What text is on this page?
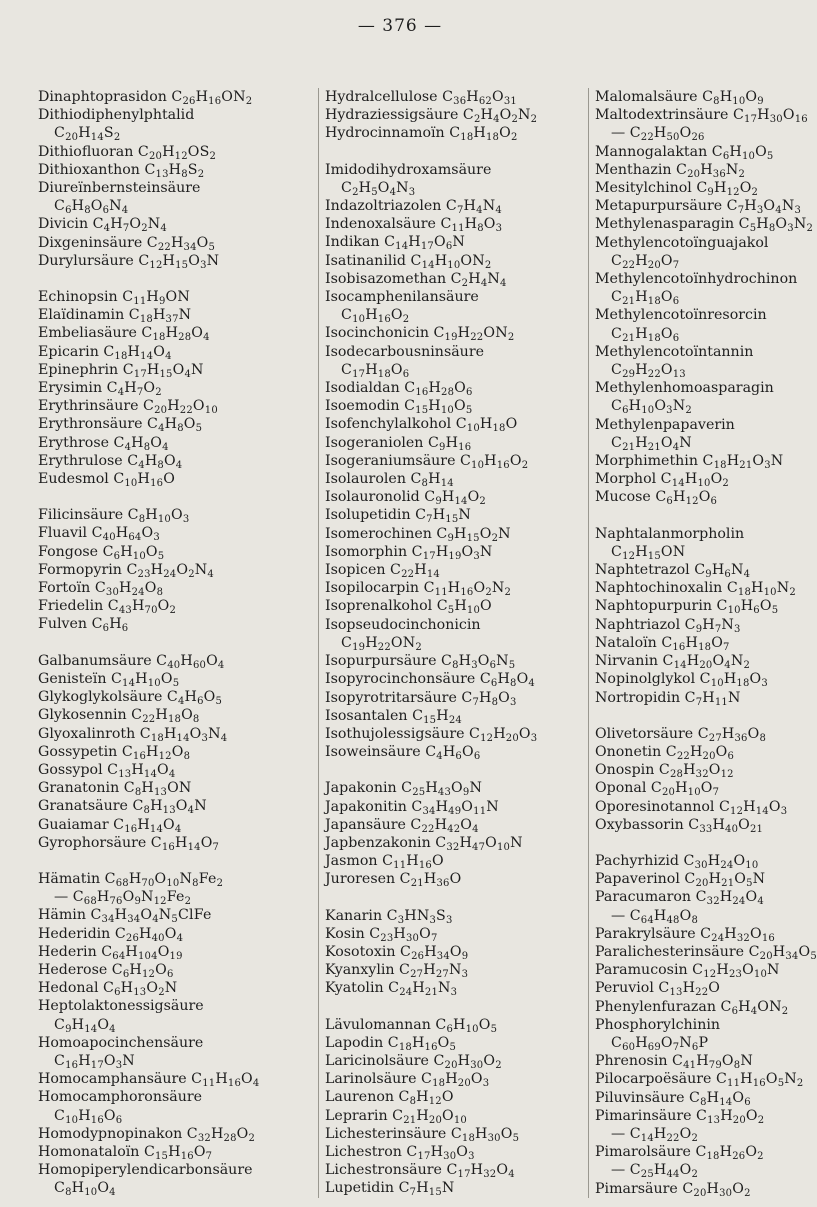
— 376 —
Dinaphtoprasidon $C_{26}H_{16}ON_2$
Dithiodiphenylphtalid
$C_{20}H_{14}S_2$
Dithiofluoran $C_{20}H_{12}OS_2$
Dithioxanthon $C_{13}H_8S_2$
Diureïnbernsteinsäure
$C_6H_8O_6N_4$
Divicin $C_4H_7O_2N_4$
Dixgeninsäure $C_{22}H_{34}O_5$
Durylursäure $C_{12}H_{15}O_3N$
Echinopsin $C_{11}H_9ON$
Elaïdinamin $C_{18}H_{37}N$
Embeliasäure $C_{18}H_{28}O_4$
Epicarin $C_{18}H_{14}O_4$
Epinephrin $C_{17}H_{15}O_4N$
Erysimin $C_4H_7O_2$
Erythrinsäure $C_{20}H_{22}O_{10}$
Erythronsäure $C_4H_8O_5$
Erythrose $C_4H_8O_4$
Erythrulose $C_4H_8O_4$
Eudesmol $C_{10}H_{16}O$
Filicinsäure $C_8H_{10}O_3$
Fluavil $C_{40}H_{64}O_3$
Fongose $C_6H_{10}O_5$
Formopyrin $C_{23}H_{24}O_2N_4$
Fortoïn $C_{30}H_{24}O_8$
Friedelin $C_{43}H_{70}O_2$
Fulven $C_6H_6$
Galbanumsäure $C_{40}H_{60}O_4$
Genisteïn $C_{14}H_{10}O_5$
Glykoglykolsäure $C_4H_6O_5$
Glykosennin $C_{22}H_{18}O_8$
Glyoxalinroth $C_{18}H_{14}O_3N_4$
Gossypetin $C_{16}H_{12}O_8$
Gossypol $C_{13}H_{14}O_4$
Granatonin $C_8H_{13}ON$
Granatsäure $C_8H_{13}O_4N$
Guaiamar $C_{16}H_{14}O_4$
Gyrophorsäure $C_{16}H_{14}O_7$
Hämatin $C_{68}H_{70}O_{10}N_8Fe_2$
— $C_{68}H_{76}O_9N_{12}Fe_2$
Hämin $C_{34}H_{34}O_4N_5ClFe$
Hederidin $C_{26}H_{40}O_4$
Hederin $C_{64}H_{104}O_{19}$
Hederose $C_6H_{12}O_6$
Hedonal $C_6H_{13}O_2N$
Heptolaktonessigsäure
$C_9H_{14}O_4$
Homoapocinchensäure
$C_{16}H_{17}O_3N$
Homocamphansäure $C_{11}H_{16}O_4$
Homocamphoronsäure
$C_{10}H_{16}O_6$
Homodypnopinakon $C_{32}H_{28}O_2$
Homonataloïn $C_{15}H_{16}O_7$
Homopiperylendicarbonsäure
$C_8H_{10}O_4$
Hydralcellulose $C_{36}H_{62}O_{31}$
Hydraziessigsäure $C_2H_4O_2N_2$
Hydrocinnamoïn $C_{18}H_{18}O_2$
Imidodihydroxamsäure
$C_2H_5O_4N_3$
Indazoltriazolen $C_7H_4N_4$
Indenoxalsäure $C_{11}H_8O_3$
Indikan $C_{14}H_{17}O_6N$
Isatinanilid $C_{14}H_{10}ON_2$
Isobisazomethan $C_2H_4N_4$
Isocamphenilansäure
$C_{10}H_{16}O_2$
Isocinchonicin $C_{19}H_{22}ON_2$
Isodecarbousninsäure
$C_{17}H_{18}O_6$
Isodialdan $C_{16}H_{28}O_6$
Isoemodin $C_{15}H_{10}O_5$
Isofenchylalkohol $C_{10}H_{18}O$
Isogeraniolen $C_9H_{16}$
Isogeraniumsäure $C_{10}H_{16}O_2$
Isolaurolen $C_8H_{14}$
Isolauronolid $C_9H_{14}O_2$
Isolupetidin $C_7H_{15}N$
Isomerochinen $C_9H_{15}O_2N$
Isomorphin $C_{17}H_{19}O_3N$
Isopicen $C_{22}H_{14}$
Isopilocarpin $C_{11}H_{16}O_2N_2$
Isoprenalkohol $C_5H_{10}O$
Isopseudocinchonicin
$C_{19}H_{22}ON_2$
Isopurpursäure $C_8H_3O_6N_5$
Isopyrocinchonsäure $C_6H_8O_4$
Isopyrotritarsäure $C_7H_8O_3$
Isosantalen $C_{15}H_{24}$
Isothujolessigsäure $C_{12}H_{20}O_3$
Isoweinsäure $C_4H_6O_6$
Japakonin $C_{25}H_{43}O_9N$
Japakonitin $C_{34}H_{49}O_{11}N$
Japansäure $C_{22}H_{42}O_4$
Japbenzakonin $C_{32}H_{47}O_{10}N$
Jasmon $C_{11}H_{16}O$
Juroresen $C_{21}H_{36}O$
Kanarin $C_3HN_3S_3$
Kosin $C_{23}H_{30}O_7$
Kosotoxin $C_{26}H_{34}O_9$
Kyanxylin $C_{27}H_{27}N_3$
Kyatolin $C_{24}H_{21}N_3$
Lävulomannan $C_6H_{10}O_5$
Lapodin $C_{18}H_{16}O_5$
Laricinolsäure $C_{20}H_{30}O_2$
Larinolsäure $C_{18}H_{20}O_3$
Laurenon $C_8H_{12}O$
Leprarin $C_{21}H_{20}O_{10}$
Lichesterinsäure $C_{18}H_{30}O_5$
Lichestron $C_{17}H_{30}O_3$
Lichestronsäure $C_{17}H_{32}O_4$
Lupetidin $C_7H_{15}N$
Malomalsäure $C_8H_{10}O_9$
Maltodextrinsäure $C_{17}H_{30}O_{16}$
— $C_{22}H_{50}O_{26}$
Mannogalaktan $C_6H_{10}O_5$
Menthazin $C_{20}H_{36}N_2$
Mesitylchinol $C_9H_{12}O_2$
Metapurpursäure $C_7H_3O_4N_3$
Methylenasparagin $C_5H_8O_3N_2$
Methylencotoïnguajakol
$C_{22}H_{20}O_7$
Methylencotoïnhydrochinon
$C_{21}H_{18}O_6$
Methylencotoïnresorcin
$C_{21}H_{18}O_6$
Methylencotoïntannin
$C_{29}H_{22}O_{13}$
Methylenhomoasparagin
$C_6H_{10}O_3N_2$
Methylenpapaverin
$C_{21}H_{21}O_4N$
Morphimethin $C_{18}H_{21}O_3N$
Morphol $C_{14}H_{10}O_2$
Mucose $C_6H_{12}O_6$
Naphtalanmorpholin
$C_{12}H_{15}ON$
Naphtetrazol $C_9H_6N_4$
Naphtochinoxalin $C_{18}H_{10}N_2$
Naphtopurpurin $C_{10}H_6O_5$
Naphtriazol $C_9H_7N_3$
Nataloïn $C_{16}H_{18}O_7$
Nirvanin $C_{14}H_{20}O_4N_2$
Nopinolglykol $C_{10}H_{18}O_3$
Nortropidin $C_7H_{11}N$
Olivetorsäure $C_{27}H_{36}O_8$
Ononetin $C_{22}H_{20}O_6$
Onospin $C_{28}H_{32}O_{12}$
Oponal $C_{20}H_{10}O_7$
Oporesinotannol $C_{12}H_{14}O_3$
Oxybassorin $C_{33}H_{40}O_{21}$
Pachyrhizid $C_{30}H_{24}O_{10}$
Papaverinol $C_{20}H_{21}O_5N$
Paracumaron $C_{32}H_{24}O_4$
— $C_{64}H_{48}O_8$
Parakrylsäure $C_{24}H_{32}O_{16}$
Paralichesterinsäure $C_{20}H_{34}O_5$
Paramucosin $C_{12}H_{23}O_{10}N$
Peruviol $C_{13}H_{22}O$
Phenylenfurazan $C_6H_4ON_2$
Phosphorylchinin
$C_{60}H_{69}O_7N_6P$
Phrenosin $C_{41}H_{79}O_8N$
Pilocarpoësäure $C_{11}H_{16}O_5N_2$
Piluvinsäure $C_8H_{14}O_6$
Pimarinsäure $C_{13}H_{20}O_2$
— $C_{14}H_{22}O_2$
Pimarolsäure $C_{18}H_{26}O_2$
— $C_{25}H_{44}O_2$
Pimarsäure $C_{20}H_{30}O_2$
